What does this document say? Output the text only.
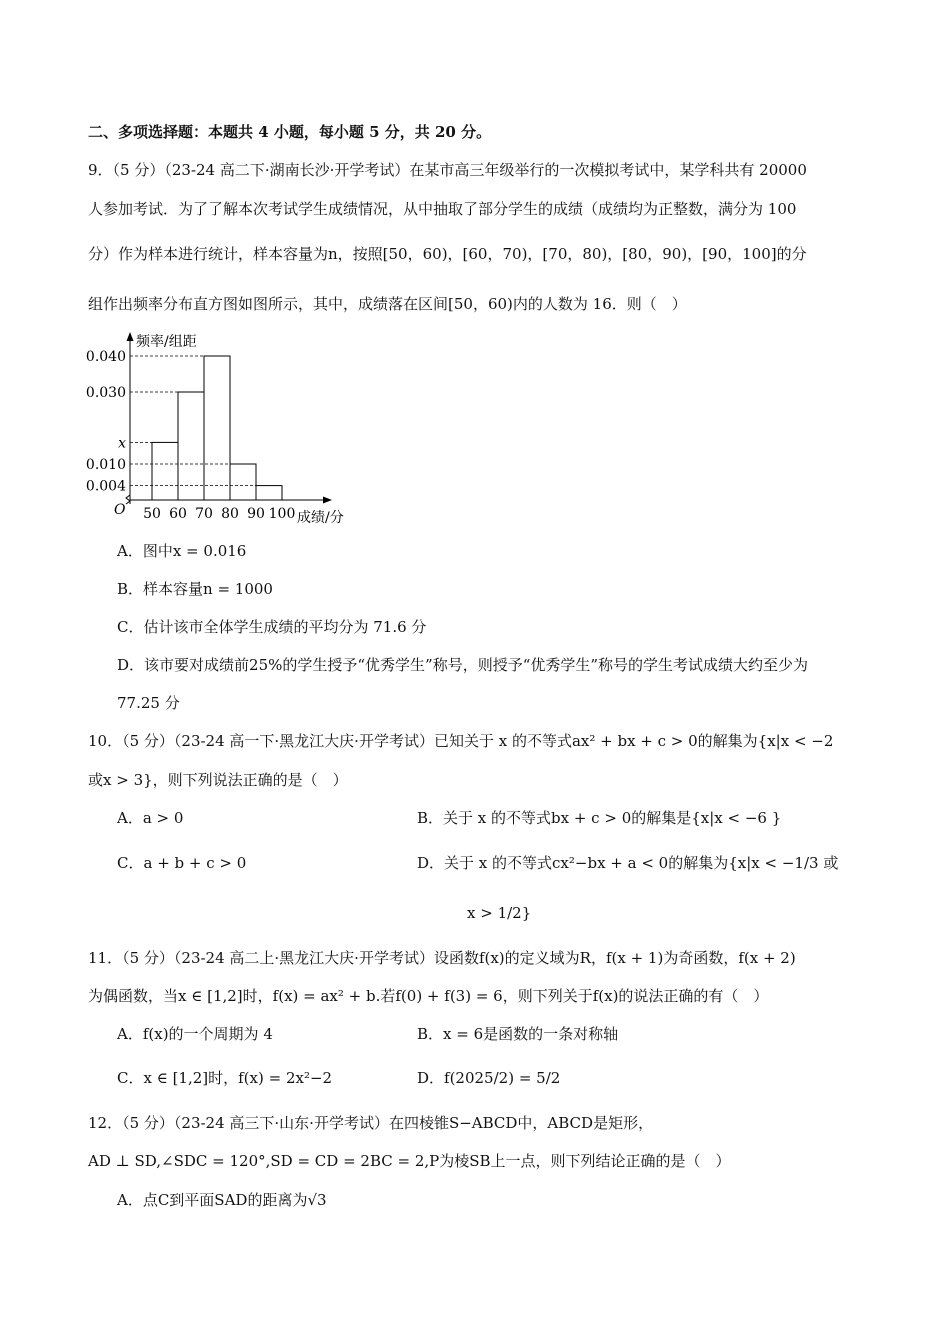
二、多项选择题：本题共 4 小题，每小题 5 分，共 20 分。
9．（5 分）（23-24 高二下·湖南长沙·开学考试）在某市高三年级举行的一次模拟考试中，某学科共有 20000
人参加考试．为了了解本次考试学生成绩情况，从中抽取了部分学生的成绩（成绩均为正整数，满分为 100
分）作为样本进行统计，样本容量为n，按照[50，60)，[60，70)，[70，80)，[80，90)，[90，100]的分
组作出频率分布直方图如图所示，其中，成绩落在区间[50，60)内的人数为 16．则（　）
频率/组距
成绩/分
O 50 60 70 80 90 100
0.004
x
0.010
0.030
0.040
A．图中x = 0.016
B．样本容量n = 1000
C．估计该市全体学生成绩的平均分为 71.6 分
D．该市要对成绩前25%的学生授予“优秀学生”称号，则授予“优秀学生”称号的学生考试成绩大约至少为
77.25 分
10．（5 分）（23-24 高一下·黑龙江大庆·开学考试）已知关于 x 的不等式ax² + bx + c > 0的解集为{x|x < −2
或x > 3}，则下列说法正确的是（　）
A．a > 0	B．关于 x 的不等式bx + c > 0的解集是{x|x < −6 }
C．a + b + c > 0	D．关于 x 的不等式cx²−bx + a < 0的解集为{x|x < −1/3 或
x > 1/2}
11．（5 分）（23-24 高二上·黑龙江大庆·开学考试）设函数f(x)的定义域为R，f(x + 1)为奇函数，f(x + 2)
为偶函数，当x ∈ [1,2]时，f(x) = ax² + b.若f(0) + f(3) = 6，则下列关于f(x)的说法正确的有（　）
A．f(x)的一个周期为 4	B．x = 6是函数的一条对称轴
C．x ∈ [1,2]时，f(x) = 2x²−2	D．f(2025/2) = 5/2
12．（5 分）（23-24 高三下·山东·开学考试）在四棱锥S−ABCD中，ABCD是矩形，
AD ⊥ SD,∠SDC = 120°,SD = CD = 2BC = 2,P为棱SB上一点，则下列结论正确的是（　）
A．点C到平面SAD的距离为√3
